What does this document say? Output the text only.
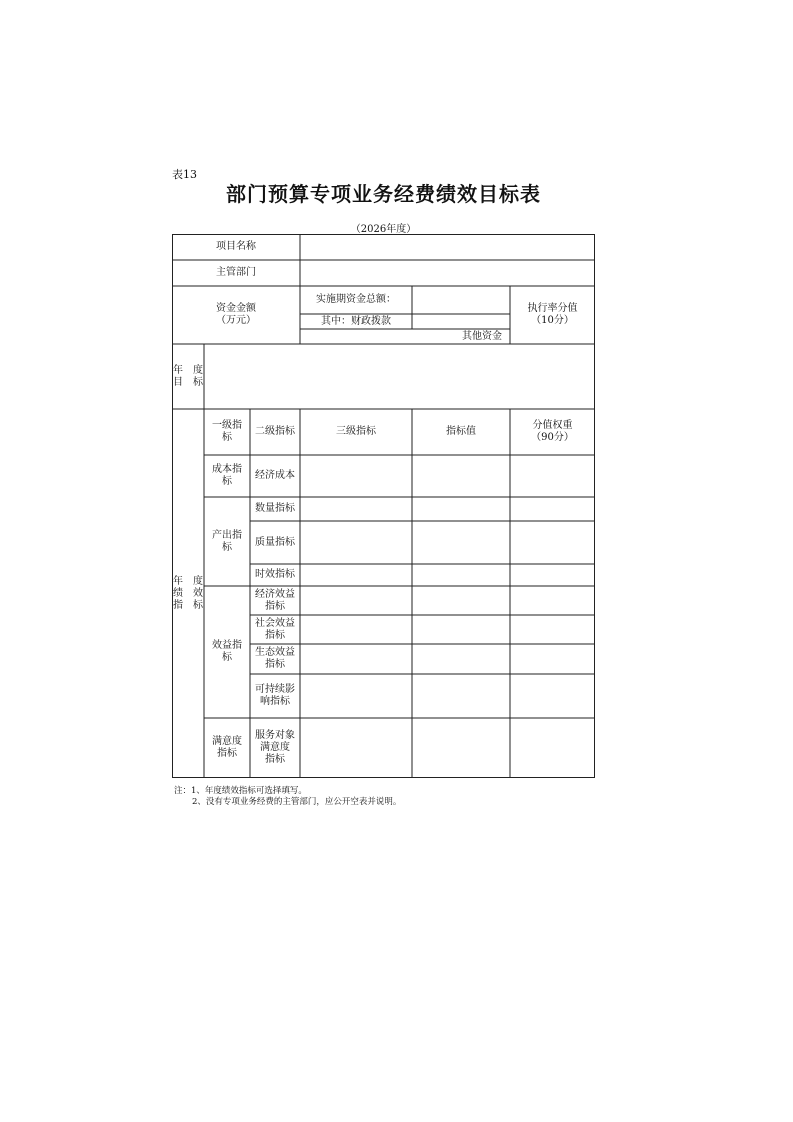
表13
部门预算专项业务经费绩效目标表
（2026年度）
项目名称
主管部门
资金金额
（万元）
实施期资金总额：
其中：财政拨款
其他资金
执行率分值
（10分）
年　度
目　标
年　度
绩　效
指　标
一级指
标
二级指标	三级指标	指标值
分值权重
（90分）
成本指
标
经济成本
产出指
标
数量指标
质量指标
时效指标
效益指
标
经济效益
指标
社会效益
指标
生态效益
指标
可持续影
响指标
满意度
指标
服务对象
满意度
指标
注：1、年度绩效指标可选择填写。
2、没有专项业务经费的主管部门，应公开空表并说明。
